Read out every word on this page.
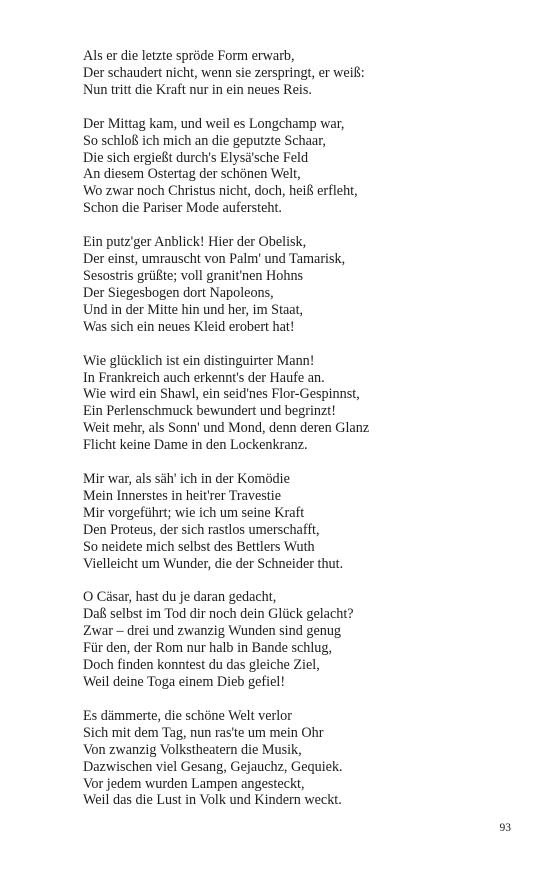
Als er die letzte spröde Form erwarb,
Der schaudert nicht, wenn sie zerspringt, er weiß:
Nun tritt die Kraft nur in ein neues Reis.
Der Mittag kam, und weil es Longchamp war,
So schloß ich mich an die geputzte Schaar,
Die sich ergießt durch's Elysä'sche Feld
An diesem Ostertag der schönen Welt,
Wo zwar noch Christus nicht, doch, heiß erfleht,
Schon die Pariser Mode aufersteht.
Ein putz'ger Anblick! Hier der Obelisk,
Der einst, umrauscht von Palm' und Tamarisk,
Sesostris grüßte; voll granit'nen Hohns
Der Siegesbogen dort Napoleons,
Und in der Mitte hin und her, im Staat,
Was sich ein neues Kleid erobert hat!
Wie glücklich ist ein distinguirter Mann!
In Frankreich auch erkennt's der Haufe an.
Wie wird ein Shawl, ein seid'nes Flor-Gespinnst,
Ein Perlenschmuck bewundert und begrinzt!
Weit mehr, als Sonn' und Mond, denn deren Glanz
Flicht keine Dame in den Lockenkranz.
Mir war, als säh' ich in der Komödie
Mein Innerstes in heit'rer Travestie
Mir vorgeführt; wie ich um seine Kraft
Den Proteus, der sich rastlos umerschafft,
So neidete mich selbst des Bettlers Wuth
Vielleicht um Wunder, die der Schneider thut.
O Cäsar, hast du je daran gedacht,
Daß selbst im Tod dir noch dein Glück gelacht?
Zwar – drei und zwanzig Wunden sind genug
Für den, der Rom nur halb in Bande schlug,
Doch finden konntest du das gleiche Ziel,
Weil deine Toga einem Dieb gefiel!
Es dämmerte, die schöne Welt verlor
Sich mit dem Tag, nun ras'te um mein Ohr
Von zwanzig Volkstheatern die Musik,
Dazwischen viel Gesang, Gejauchz, Gequiek.
Vor jedem wurden Lampen angesteckt,
Weil das die Lust in Volk und Kindern weckt.
93
